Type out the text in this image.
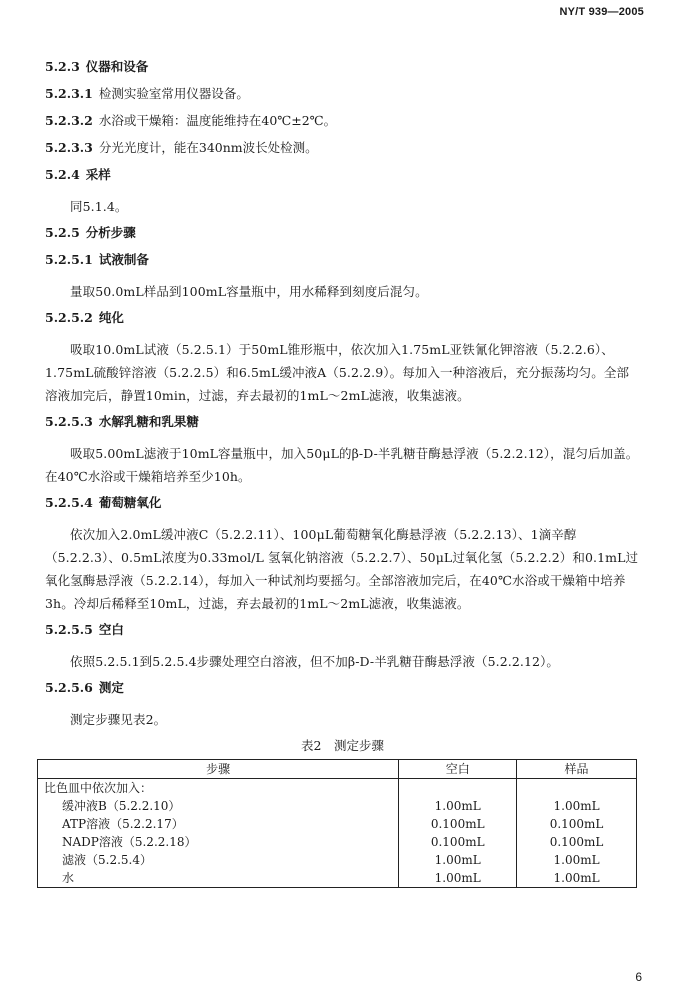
NY/T 939—2005
5.2.3 仪器和设备
5.2.3.1 检测实验室常用仪器设备。
5.2.3.2 水浴或干燥箱：温度能维持在40℃±2℃。
5.2.3.3 分光光度计，能在340nm波长处检测。
5.2.4 采样
同5.1.4。
5.2.5 分析步骤
5.2.5.1 试液制备
量取50.0mL样品到100mL容量瓶中，用水稀释到刻度后混匀。
5.2.5.2 纯化
吸取10.0mL试液（5.2.5.1）于50mL锥形瓶中，依次加入1.75mL亚铁氰化钾溶液（5.2.2.6）、1.75mL硫酸锌溶液（5.2.2.5）和6.5mL缓冲液A（5.2.2.9）。每加入一种溶液后，充分振荡均匀。全部溶液加完后，静置10min，过滤，弃去最初的1mL～2mL滤液，收集滤液。
5.2.5.3 水解乳糖和乳果糖
吸取5.00mL滤液于10mL容量瓶中，加入50μL的β-D-半乳糖苷酶悬浮液（5.2.2.12），混匀后加盖。在40℃水浴或干燥箱培养至少10h。
5.2.5.4 葡萄糖氧化
依次加入2.0mL缓冲液C（5.2.2.11）、100μL葡萄糖氧化酶悬浮液（5.2.2.13）、1滴辛醇（5.2.2.3）、0.5mL浓度为0.33mol/L 氢氧化钠溶液（5.2.2.7）、50μL过氧化氢（5.2.2.2）和0.1mL过氧化氢酶悬浮液（5.2.2.14），每加入一种试剂均要摇匀。全部溶液加完后，在40℃水浴或干燥箱中培养3h。冷却后稀释至10mL，过滤，弃去最初的1mL～2mL滤液，收集滤液。
5.2.5.5 空白
依照5.2.5.1到5.2.5.4步骤处理空白溶液，但不加β-D-半乳糖苷酶悬浮液（5.2.2.12）。
5.2.5.6 测定
测定步骤见表2。
表2　测定步骤
步骤	空白	样品
比色皿中依次加入：		
缓冲液B（5.2.2.10）	1.00mL	1.00mL
ATP溶液（5.2.2.17）	0.100mL	0.100mL
NADP溶液（5.2.2.18）	0.100mL	0.100mL
滤液（5.2.5.4）	1.00mL	1.00mL
水	1.00mL	1.00mL
6
